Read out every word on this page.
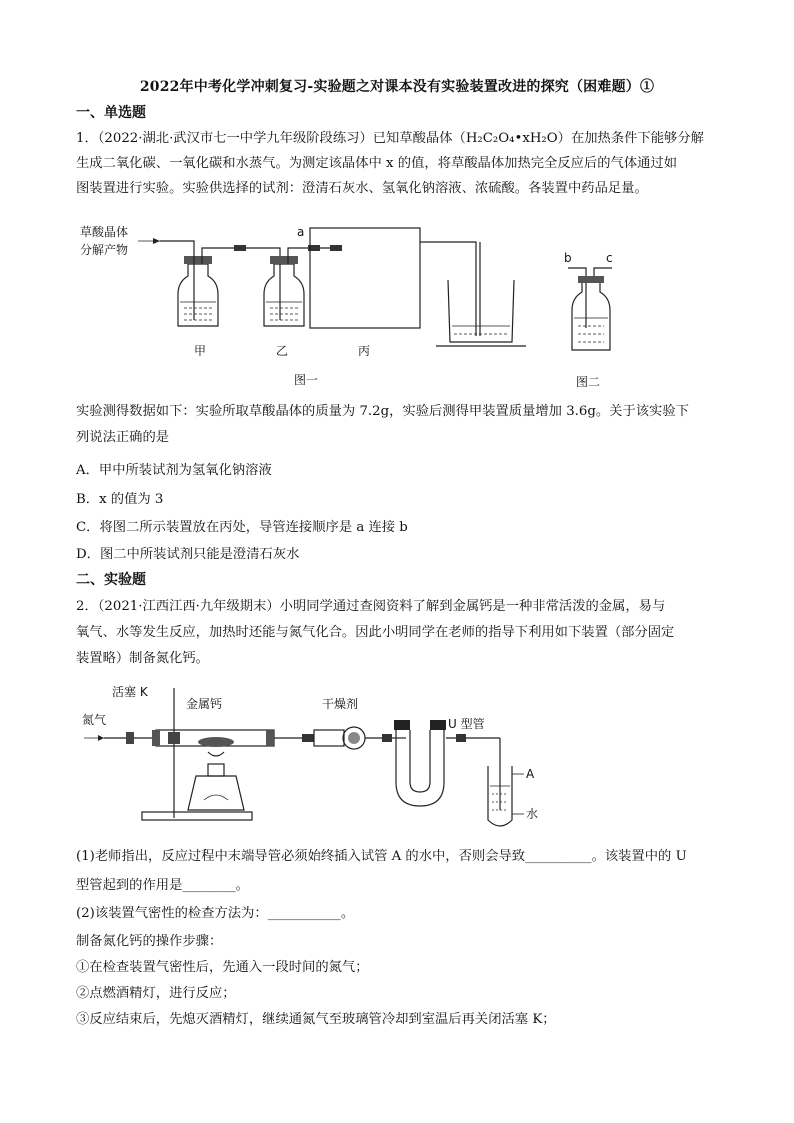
2022年中考化学冲刺复习-实验题之对课本没有实验装置改进的探究（困难题）①
一、单选题

1．（2022·湖北·武汉市七一中学九年级阶段练习）已知草酸晶体（H₂C₂O₄•xH₂O）在加热条件下能够分解

生成二氧化碳、一氧化碳和水蒸气。为测定该晶体中 x 的值，将草酸晶体加热完全反应后的气体通过如

图装置进行实验。实验供选择的试剂：澄清石灰水、氢氧化钠溶液、浓硫酸。各装置中药品足量。

草酸晶体
分解产物
a
甲	乙	丙
图一
b	c
图二

实验测得数据如下：实验所取草酸晶体的质量为 7.2g，实验后测得甲装置质量增加 3.6g。关于该实验下

列说法正确的是

A．甲中所装试剂为氢氧化钠溶液
B．x 的值为 3
C．将图二所示装置放在丙处，导管连接顺序是 a 连接 b
D．图二中所装试剂只能是澄清石灰水
二、实验题

2．（2021·江西江西·九年级期末）小明同学通过查阅资料了解到金属钙是一种非常活泼的金属，易与

氧气、水等发生反应，加热时还能与氮气化合。因此小明同学在老师的指导下利用如下装置（部分固定

装置略）制备氮化钙。

活塞 K
金属钙
氮气
干燥剂
U 型管
A
水

(1)老师指出，反应过程中末端导管必须始终插入试管 A 的水中，否则会导致__________。该装置中的 U

型管起到的作用是________。

(2)该装置气密性的检查方法为：___________。

制备氮化钙的操作步骤：

①在检查装置气密性后，先通入一段时间的氮气；

②点燃酒精灯，进行反应；

③反应结束后，先熄灭酒精灯，继续通氮气至玻璃管冷却到室温后再关闭活塞 K；
